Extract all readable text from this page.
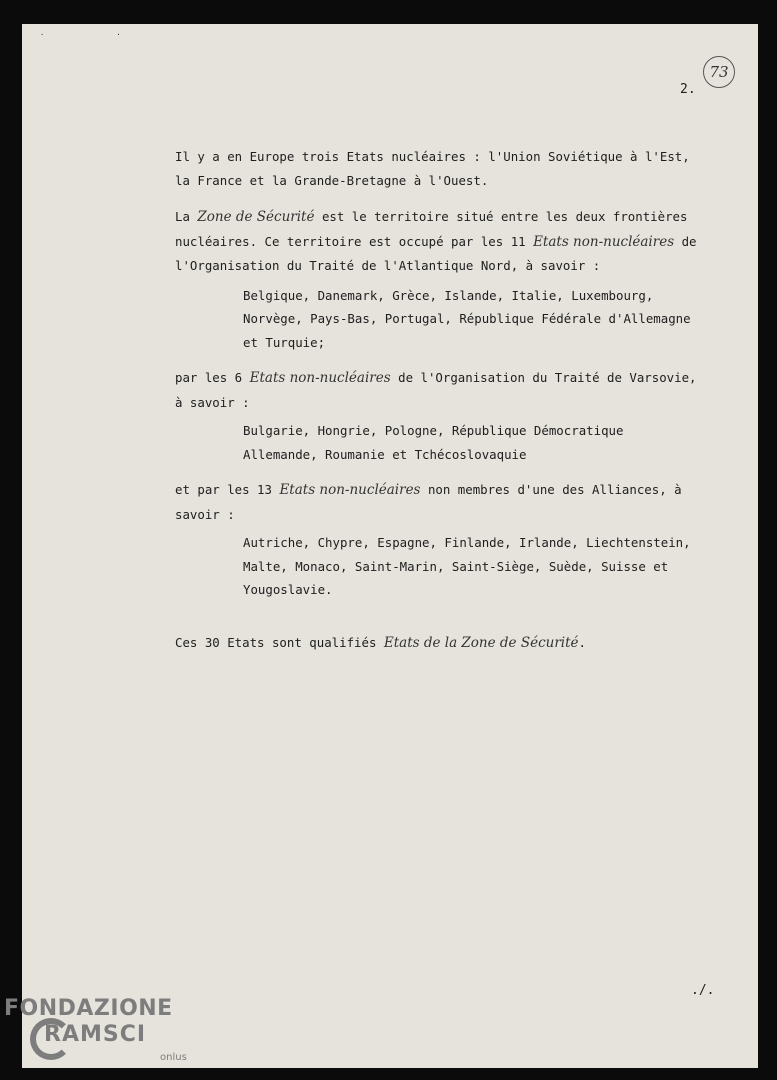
· ·
2.
73

Il y a en Europe trois Etats nucléaires : l'Union Soviétique à l'Est, la France et la Grande-Bretagne à l'Ouest.

La Zone de Sécurité est le territoire situé entre les deux frontières nucléaires. Ce territoire est occupé par les 11 Etats non-nucléaires de l'Organisation du Traité de l'Atlantique Nord, à savoir :

Belgique, Danemark, Grèce, Islande, Italie, Luxembourg, Norvège, Pays-Bas, Portugal, République Fédérale d'Allemagne et Turquie;

par les 6 Etats non-nucléaires de l'Organisation du Traité de Varsovie, à savoir :

Bulgarie, Hongrie, Pologne, République Démocratique Allemande, Roumanie et Tchécoslovaquie

et par les 13 Etats non-nucléaires non membres d'une des Alliances, à savoir :

Autriche, Chypre, Espagne, Finlande, Irlande, Liechtenstein, Malte, Monaco, Saint-Marin, Saint-Siège, Suède, Suisse et Yougoslavie.

Ces 30 Etats sont qualifiés Etats de la Zone de Sécurité.

./.
FONDAZIONE
RAMSCI
onlus
